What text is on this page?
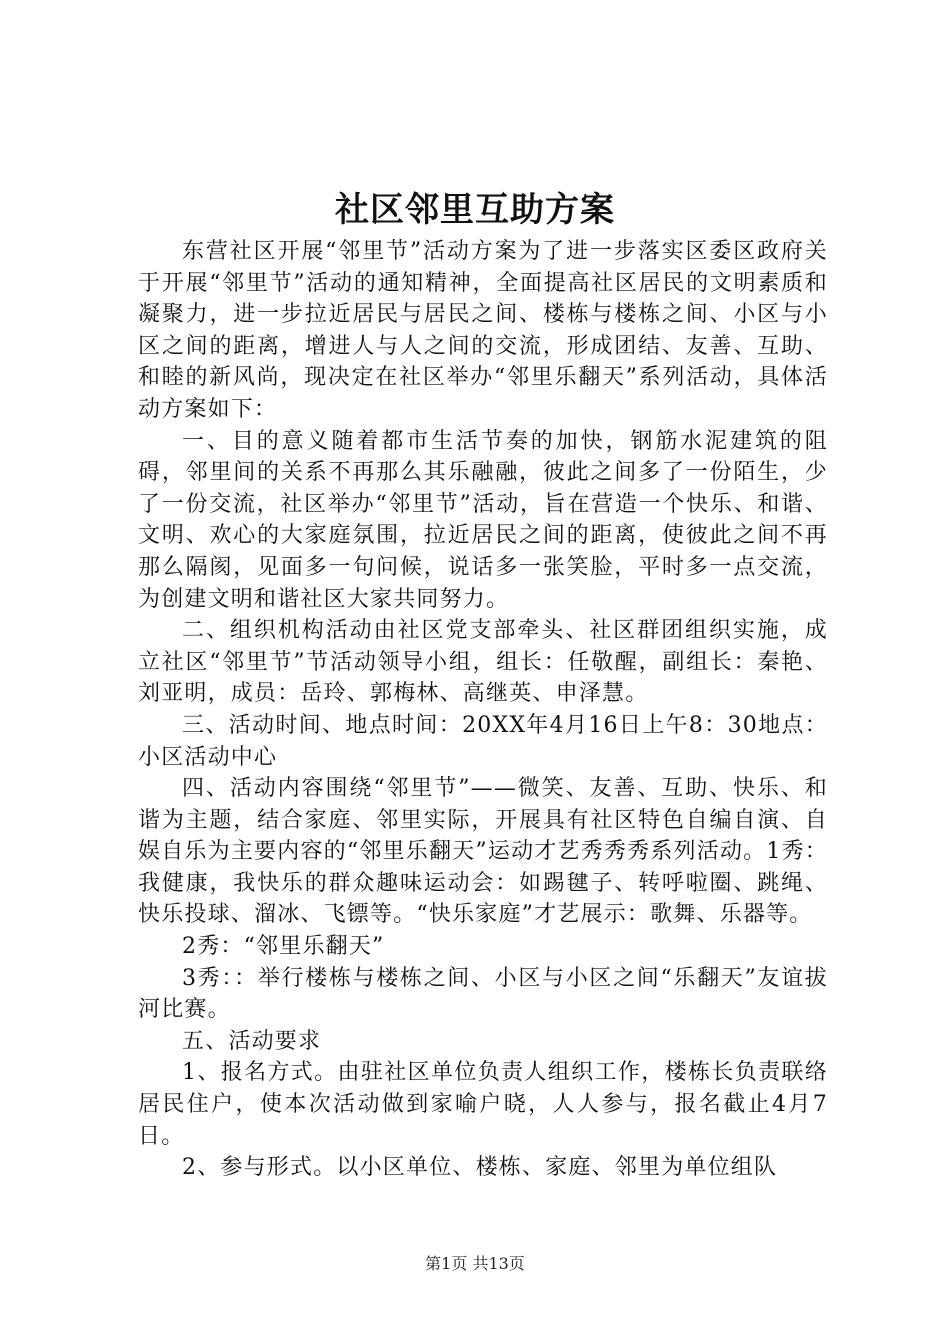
社区邻里互助方案

东营社区开展“邻里节”活动方案为了进一步落实区委区政府关于开展“邻里节”活动的通知精神，全面提高社区居民的文明素质和凝聚力，进一步拉近居民与居民之间、楼栋与楼栋之间、小区与小区之间的距离，增进人与人之间的交流，形成团结、友善、互助、和睦的新风尚，现决定在社区举办“邻里乐翻天”系列活动，具体活动方案如下：

一、目的意义随着都市生活节奏的加快，钢筋水泥建筑的阻碍，邻里间的关系不再那么其乐融融，彼此之间多了一份陌生，少了一份交流，社区举办“邻里节”活动，旨在营造一个快乐、和谐、文明、欢心的大家庭氛围，拉近居民之间的距离，使彼此之间不再那么隔阂，见面多一句问候，说话多一张笑脸，平时多一点交流，为创建文明和谐社区大家共同努力。

二、组织机构活动由社区党支部牵头、社区群团组织实施，成立社区“邻里节”节活动领导小组，组长：任敬醒，副组长：秦艳、刘亚明，成员：岳玲、郭梅林、高继英、申泽慧。

三、活动时间、地点时间：20XX年4月16日上午8：30地点：小区活动中心

四、活动内容围绕“邻里节”——微笑、友善、互助、快乐、和谐为主题，结合家庭、邻里实际，开展具有社区特色自编自演、自娱自乐为主要内容的“邻里乐翻天”运动才艺秀秀秀系列活动。1秀：我健康，我快乐的群众趣味运动会：如踢毽子、转呼啦圈、跳绳、快乐投球、溜冰、飞镖等。“快乐家庭”才艺展示：歌舞、乐器等。

2秀：“邻里乐翻天”

3秀：：举行楼栋与楼栋之间、小区与小区之间“乐翻天”友谊拔河比赛。

五、活动要求

1、报名方式。由驻社区单位负责人组织工作，楼栋长负责联络居民住户，使本次活动做到家喻户晓，人人参与，报名截止4月7日。

2、参与形式。以小区单位、楼栋、家庭、邻里为单位组队

第1页 共13页
